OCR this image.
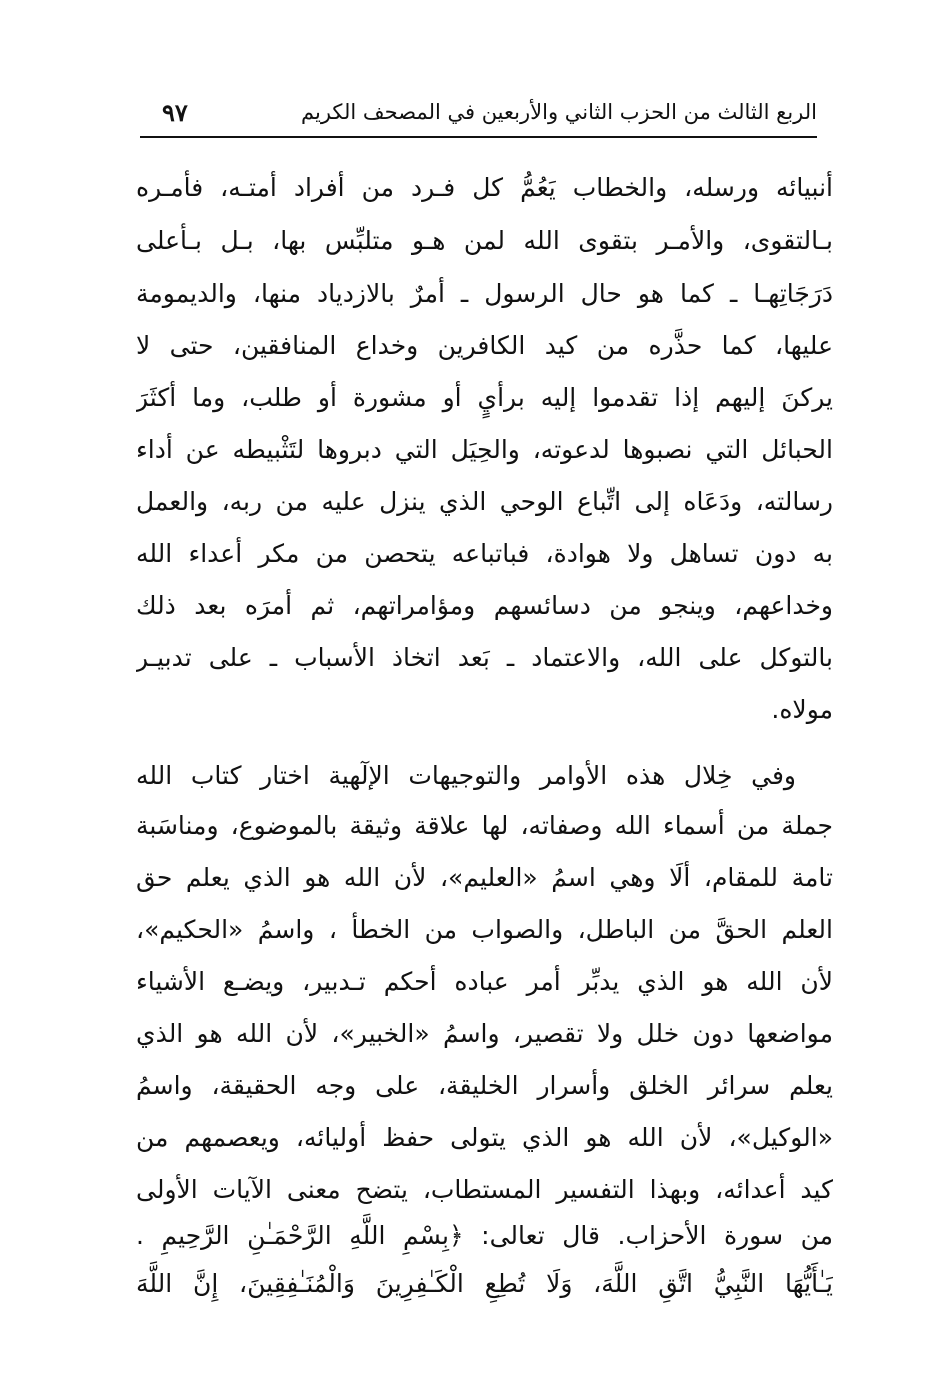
الربع الثالث من الحزب الثاني والأربعين في المصحف الكريم
٩٧
أنبيائه ورسله، والخطاب يَعُمُّ كل فـرد من أفراد أمتـه، فأمـره
بـالتقوى، والأمـر بتقوى الله لمن هـو متلبِّس بها، بـل بـأعلى
دَرَجَاتِهـا ـ كما هو حال الرسول ـ أمرٌ بالازدياد منها، والديمومة
عليها، كما حذَّره من كيد الكافرين وخداع المنافقين، حتى لا
يركنَ إليهم إذا تقدموا إليه برأيٍ أو مشورة أو طلب، وما أكثَرَ
الحبائل التي نصبوها لدعوته، والحِيَل التي دبروها لتَثْبيطه عن أداء
رسالته، ودَعَاه إلى اتِّباع الوحي الذي ينزل عليه من ربه، والعمل
به دون تساهل ولا هوادة، فباتباعه يتحصن من مكر أعداء الله
وخداعهم، وينجو من دسائسهم ومؤامراتهم، ثم أمرَه بعد ذلك
بالتوكل على الله، والاعتماد ـ بَعد اتخاذ الأسباب ـ على تدبيـر
مولاه.
وفي خِلال هذه الأوامر والتوجيهات الإلٓهية اختار كتاب الله
جملة من أسماء الله وصفاته، لها علاقة وثيقة بالموضوع، ومناسَبة
تامة للمقام، ألَا وهي اسمُ «العليم»، لأن الله هو الذي يعلم حق
العلم الحقَّ من الباطل، والصواب من الخطأ ، واسمُ «الحكيم»،
لأن الله هو الذي يدبِّر أمر عباده أحكم تـدبير، ويضـع الأشياء
مواضعها دون خلل ولا تقصير، واسمُ «الخبير»، لأن الله هو الذي
يعلم سرائر الخلق وأسرار الخليقة، على وجه الحقيقة، واسمُ
«الوكيل»، لأن الله هو الذي يتولى حفظ أوليائه، ويعصمهم من
كيد أعدائه، وبهذا التفسير المستطاب، يتضح معنى الآيات الأولى
من سورة الأحزاب. قال تعالى: ﴿بِسْمِ اللَّهِ الرَّحْمَـٰنِ الرَّحِيمِ .
يَـٰأَيُّهَا النَّبِيُّ اتَّقِ اللَّهَ، وَلَا تُطِعِ الْكَـٰفِرِينَ وَالْمُنَـٰفِقِينَ، إِنَّ اللَّهَ
